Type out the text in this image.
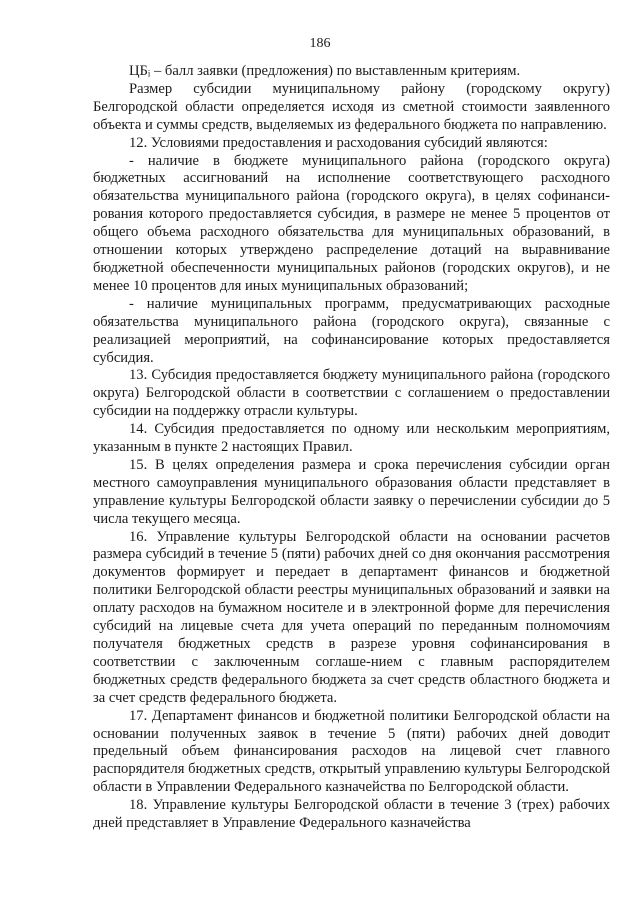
186

ЦБᵢ – балл заявки (предложения) по выставленным критериям.

Размер субсидии муниципальному району (городскому округу) Белгородской области определяется исходя из сметной стоимости заявленного объекта и суммы средств, выделяемых из федерального бюджета по направлению.

12. Условиями предоставления и расходования субсидий являются:

- наличие в бюджете муниципального района (городского округа) бюджетных ассигнований на исполнение соответствующего расходного обязательства муниципального района (городского округа), в целях софинанси-рования которого предоставляется субсидия, в размере не менее 5 процентов от общего объема расходного обязательства для муниципальных образований, в отношении которых утверждено распределение дотаций на выравнивание бюджетной обеспеченности муниципальных районов (городских округов), и не менее 10 процентов для иных муниципальных образований;

- наличие муниципальных программ, предусматривающих расходные обязательства муниципального района (городского округа), связанные с реализацией мероприятий, на софинансирование которых предоставляется субсидия.

13. Субсидия предоставляется бюджету муниципального района (городского округа) Белгородской области в соответствии с соглашением о предоставлении субсидии на поддержку отрасли культуры.

14. Субсидия предоставляется по одному или нескольким мероприятиям, указанным в пункте 2 настоящих Правил.

15. В целях определения размера и срока перечисления субсидии орган местного самоуправления муниципального образования области представляет в управление культуры Белгородской области заявку о перечислении субсидии до 5 числа текущего месяца.

16. Управление культуры Белгородской области на основании расчетов размера субсидий в течение 5 (пяти) рабочих дней со дня окончания рассмотрения документов формирует и передает в департамент финансов и бюджетной политики Белгородской области реестры муниципальных образований и заявки на оплату расходов на бумажном носителе и в электронной форме для перечисления субсидий на лицевые счета для учета операций по переданным полномочиям получателя бюджетных средств в разрезе уровня софинансирования в соответствии с заключенным соглаше-нием с главным распорядителем бюджетных средств федерального бюджета за счет средств областного бюджета и за счет средств федерального бюджета.

17. Департамент финансов и бюджетной политики Белгородской области на основании полученных заявок в течение 5 (пяти) рабочих дней доводит предельный объем финансирования расходов на лицевой счет главного распорядителя бюджетных средств, открытый управлению культуры Белгородской области в Управлении Федерального казначейства по Белгородской области.

18. Управление культуры Белгородской области в течение 3 (трех) рабочих дней представляет в Управление Федерального казначейства
